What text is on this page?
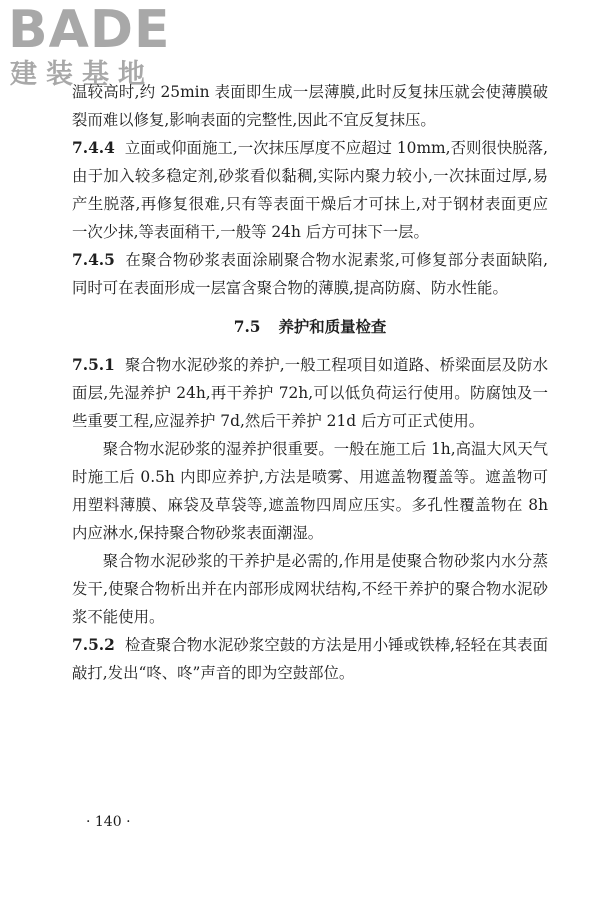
BADE
建装基地

温较高时,约 25min 表面即生成一层薄膜,此时反复抹压就会使薄膜破裂而难以修复,影响表面的完整性,因此不宜反复抹压。

7.4.4 立面或仰面施工,一次抹压厚度不应超过 10mm,否则很快脱落,由于加入较多稳定剂,砂浆看似黏稠,实际内聚力较小,一次抹面过厚,易产生脱落,再修复很难,只有等表面干燥后才可抹上,对于钢材表面更应一次少抹,等表面稍干,一般等 24h 后方可抹下一层。

7.4.5 在聚合物砂浆表面涂刷聚合物水泥素浆,可修复部分表面缺陷,同时可在表面形成一层富含聚合物的薄膜,提高防腐、防水性能。

7.5 养护和质量检查

7.5.1 聚合物水泥砂浆的养护,一般工程项目如道路、桥梁面层及防水面层,先湿养护 24h,再干养护 72h,可以低负荷运行使用。防腐蚀及一些重要工程,应湿养护 7d,然后干养护 21d 后方可正式使用。

聚合物水泥砂浆的湿养护很重要。一般在施工后 1h,高温大风天气时施工后 0.5h 内即应养护,方法是喷雾、用遮盖物覆盖等。遮盖物可用塑料薄膜、麻袋及草袋等,遮盖物四周应压实。多孔性覆盖物在 8h 内应淋水,保持聚合物砂浆表面潮湿。

聚合物水泥砂浆的干养护是必需的,作用是使聚合物砂浆内水分蒸发干,使聚合物析出并在内部形成网状结构,不经干养护的聚合物水泥砂浆不能使用。

7.5.2 检查聚合物水泥砂浆空鼓的方法是用小锤或铁棒,轻轻在其表面敲打,发出“咚、咚”声音的即为空鼓部位。

· 140 ·
